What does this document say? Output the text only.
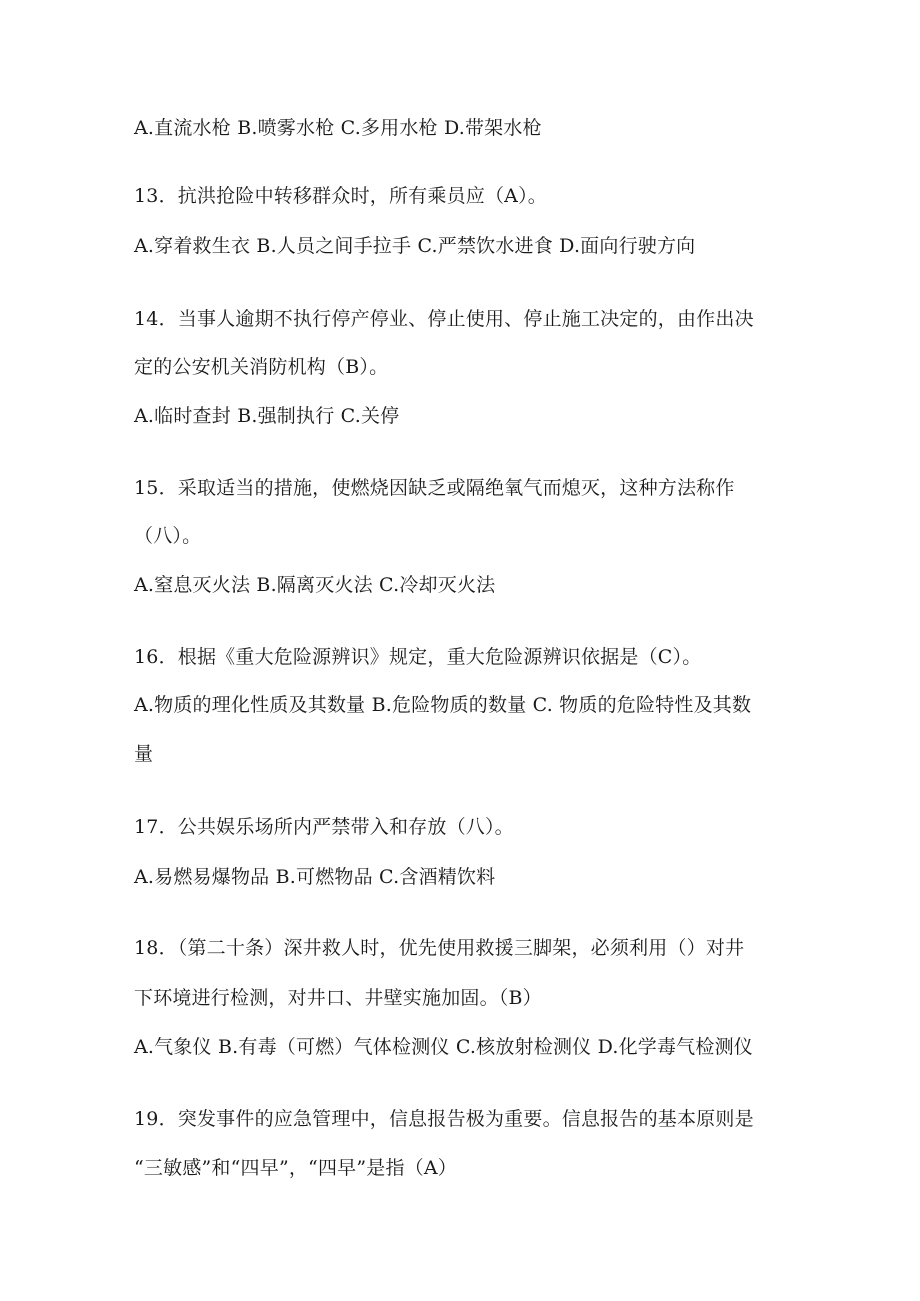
A.直流水枪 B.喷雾水枪 C.多用水枪 D.带架水枪
13．抗洪抢险中转移群众时，所有乘员应（A）。
A.穿着救生衣 B.人员之间手拉手 C.严禁饮水进食 D.面向行驶方向
14．当事人逾期不执行停产停业、停止使用、停止施工决定的，由作出决
定的公安机关消防机构（B）。
A.临时查封 B.强制执行 C.关停
15．采取适当的措施，使燃烧因缺乏或隔绝氧气而熄灭，这种方法称作
（八）。
A.窒息灭火法 B.隔离灭火法 C.冷却灭火法
16．根据《重大危险源辨识》规定，重大危险源辨识依据是（C）。
A.物质的理化性质及其数量 B.危险物质的数量 C. 物质的危险特性及其数
量
17．公共娱乐场所内严禁带入和存放（八）。
A.易燃易爆物品 B.可燃物品 C.含酒精饮料
18．（第二十条）深井救人时，优先使用救援三脚架，必须利用（）对井
下环境进行检测，对井口、井壁实施加固。（B）
A.气象仪 B.有毒（可燃）气体检测仪 C.核放射检测仪 D.化学毒气检测仪
19．突发事件的应急管理中，信息报告极为重要。信息报告的基本原则是
“三敏感”和“四早”，“四早”是指（A）
